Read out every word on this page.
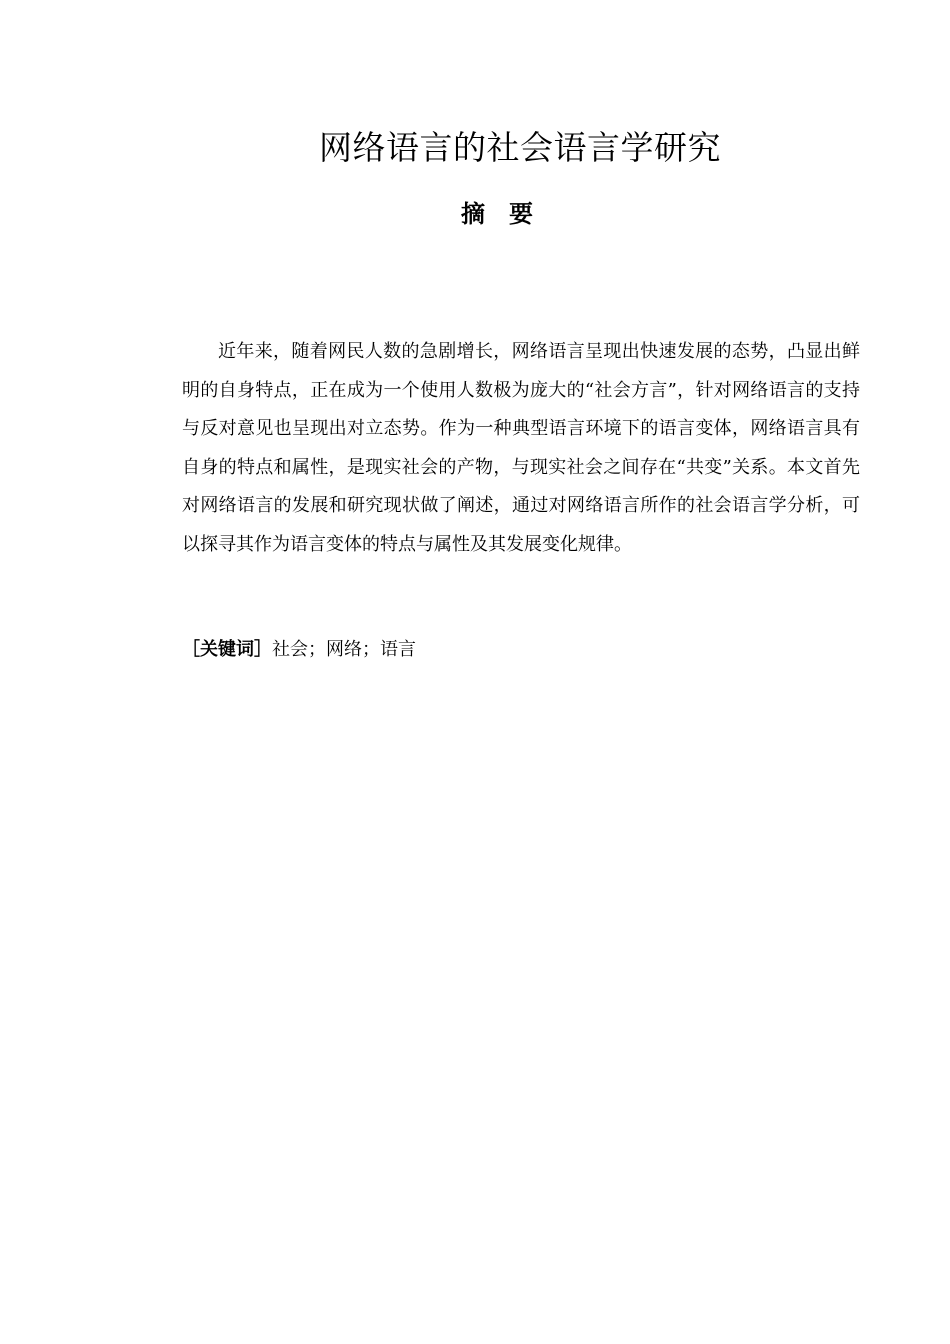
网络语言的社会语言学研究
摘　要

近年来，随着网民人数的急剧增长，网络语言呈现出快速发展的态势，凸显出鲜明的自身特点，正在成为一个使用人数极为庞大的“社会方言”，针对网络语言的支持与反对意见也呈现出对立态势。作为一种典型语言环境下的语言变体，网络语言具有自身的特点和属性，是现实社会的产物，与现实社会之间存在“共变”关系。本文首先对网络语言的发展和研究现状做了阐述，通过对网络语言所作的社会语言学分析，可以探寻其作为语言变体的特点与属性及其发展变化规律。

［关键词］社会；网络；语言
